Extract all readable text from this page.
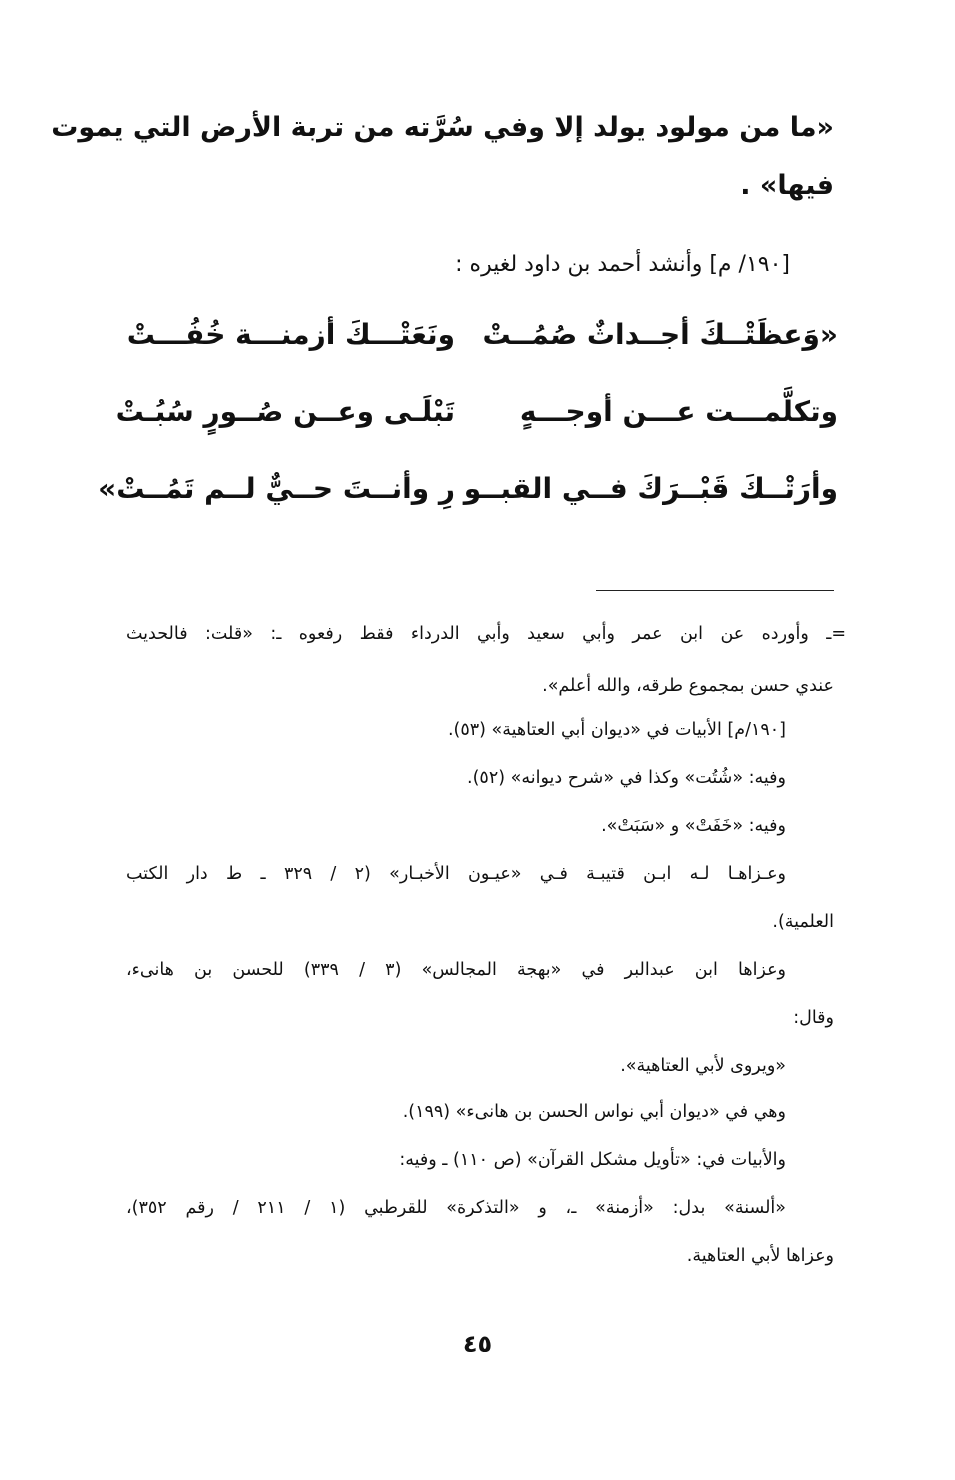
«ما من مولود يولد إلا وفي سُرَّته من تربة الأرض التي يموت
فيها» .
[١٩٠/ م] وأنشد أحمد بن داود لغيره :
«وَعظَتْــكَ أجــداثٌ صُمُــتْ
ونَعَتْـــكَ أزمنـــة خُفُـــتْ
وتكلَّمـــت عـــن أوجـــهٍ
تَبْلَـى وعــن صُــورٍ سُبُـتْ
وأرَتْــكَ قَبْــرَكَ فــي القبــو
رِ وأنــتَ حــيٌّ لــم تَمُــتْ»
=ـ وأورده عن ابن عمر وأبي سعيد وأبي الدرداء فقط رفعوه ـ: «قلت: فالحديث
عندي حسن بمجموع طرقه، والله أعلم».
[١٩٠/م] الأبيات في «ديوان أبي العتاهية» (٥٣).
وفيه: «شُتُت» وكذا في «شرح ديوانه» (٥٢).
وفيه: «خَفَتْ» و «سَبَتْ».
وعـزاهـا لـه ابـن قتيبـة فـي «عيـون الأخبـار» (٢ / ٣٢٩ ـ ط دار الكتب
العلمية).
وعزاها ابن عبدالبر في «بهجة المجالس» (٣ / ٣٣٩) للحسن بن هانىء،
وقال:
«ويروى لأبي العتاهية».
وهي في «ديوان أبي نواس الحسن بن هانىء» (١٩٩).
والأبيات في: «تأويل مشكل القرآن» (ص ١١٠) ـ وفيه:
«ألسنة» بدل: «أزمنة» ـ، و «التذكرة» للقرطبي (١ / ٢١١ / رقم ٣٥٢)،
وعزاها لأبي العتاهية.
٤٥
